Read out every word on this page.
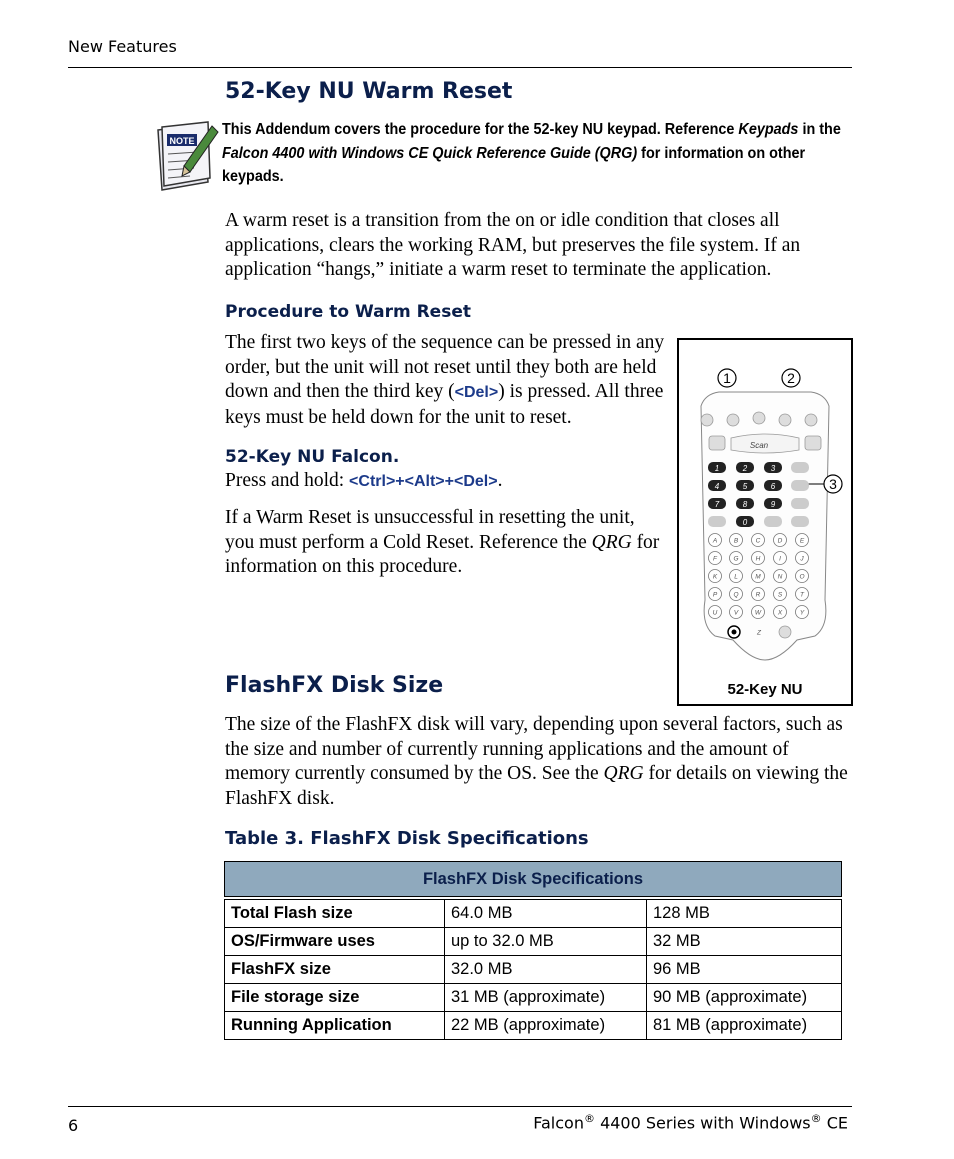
New Features
52-Key NU Warm Reset
NOTE
This Addendum covers the procedure for the 52-key NU keypad. Reference Keypads in the Falcon 4400 with Windows CE Quick Reference Guide (QRG) for information on other keypads.

A warm reset is a transition from the on or idle condition that closes all applications, clears the working RAM, but preserves the file system. If an application “hangs,” initiate a warm reset to terminate the application.

Procedure to Warm Reset

The first two keys of the sequence can be pressed in any order, but the unit will not reset until they both are held down and then the third key (<Del>) is pressed. All three keys must be held down for the unit to reset.

52-Key NU Falcon.

Press and hold: <Ctrl>+<Alt>+<Del>.

If a Warm Reset is unsuccessful in resetting the unit, you must perform a Cold Reset. Reference the QRG for information on this procedure.

1	2
3
Scan
1	2	3
4	5	6
7	8	9
0
A	B	C	D	E
F	G	H	I	J
K	L	M	N	O
P	Q	R	S	T
U	V	W	X	Y
Z
52-Key NU
FlashFX Disk Size

The size of the FlashFX disk will vary, depending upon several factors, such as the size and number of currently running applications and the amount of memory currently consumed by the OS. See the QRG for details on viewing the FlashFX disk.

Table 3. FlashFX Disk Specifications
FlashFX Disk Specifications		

Total Flash size	64.0 MB	128 MB
OS/Firmware uses	up to 32.0 MB	32 MB
FlashFX size	32.0 MB	96 MB
File storage size	31 MB (approximate)	90 MB (approximate)
Running Application	22 MB (approximate)	81 MB (approximate)
6	Falcon® 4400 Series with Windows® CE
